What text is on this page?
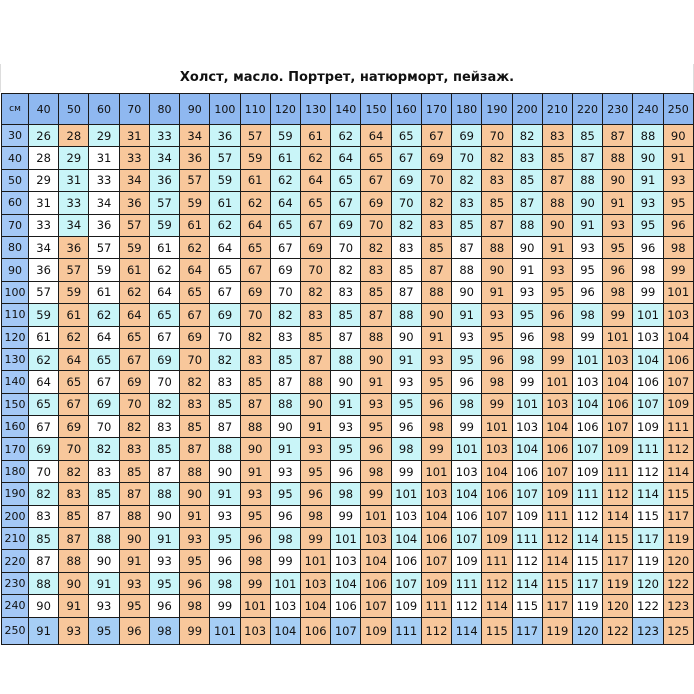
Холст, масло. Портрет, натюрморт, пейзаж.
см	40	50	60	70	80	90	100	110	120	130	140	150	160	170	180	190	200	210	220	230	240	250
30	26	28	29	31	33	34	36	57	59	61	62	64	65	67	69	70	82	83	85	87	88	90
40	28	29	31	33	34	36	57	59	61	62	64	65	67	69	70	82	83	85	87	88	90	91
50	29	31	33	34	36	57	59	61	62	64	65	67	69	70	82	83	85	87	88	90	91	93
60	31	33	34	36	57	59	61	62	64	65	67	69	70	82	83	85	87	88	90	91	93	95
70	33	34	36	57	59	61	62	64	65	67	69	70	82	83	85	87	88	90	91	93	95	96
80	34	36	57	59	61	62	64	65	67	69	70	82	83	85	87	88	90	91	93	95	96	98
90	36	57	59	61	62	64	65	67	69	70	82	83	85	87	88	90	91	93	95	96	98	99
100	57	59	61	62	64	65	67	69	70	82	83	85	87	88	90	91	93	95	96	98	99	101
110	59	61	62	64	65	67	69	70	82	83	85	87	88	90	91	93	95	96	98	99	101	103
120	61	62	64	65	67	69	70	82	83	85	87	88	90	91	93	95	96	98	99	101	103	104
130	62	64	65	67	69	70	82	83	85	87	88	90	91	93	95	96	98	99	101	103	104	106
140	64	65	67	69	70	82	83	85	87	88	90	91	93	95	96	98	99	101	103	104	106	107
150	65	67	69	70	82	83	85	87	88	90	91	93	95	96	98	99	101	103	104	106	107	109
160	67	69	70	82	83	85	87	88	90	91	93	95	96	98	99	101	103	104	106	107	109	111
170	69	70	82	83	85	87	88	90	91	93	95	96	98	99	101	103	104	106	107	109	111	112
180	70	82	83	85	87	88	90	91	93	95	96	98	99	101	103	104	106	107	109	111	112	114
190	82	83	85	87	88	90	91	93	95	96	98	99	101	103	104	106	107	109	111	112	114	115
200	83	85	87	88	90	91	93	95	96	98	99	101	103	104	106	107	109	111	112	114	115	117
210	85	87	88	90	91	93	95	96	98	99	101	103	104	106	107	109	111	112	114	115	117	119
220	87	88	90	91	93	95	96	98	99	101	103	104	106	107	109	111	112	114	115	117	119	120
230	88	90	91	93	95	96	98	99	101	103	104	106	107	109	111	112	114	115	117	119	120	122
240	90	91	93	95	96	98	99	101	103	104	106	107	109	111	112	114	115	117	119	120	122	123
250	91	93	95	96	98	99	101	103	104	106	107	109	111	112	114	115	117	119	120	122	123	125
